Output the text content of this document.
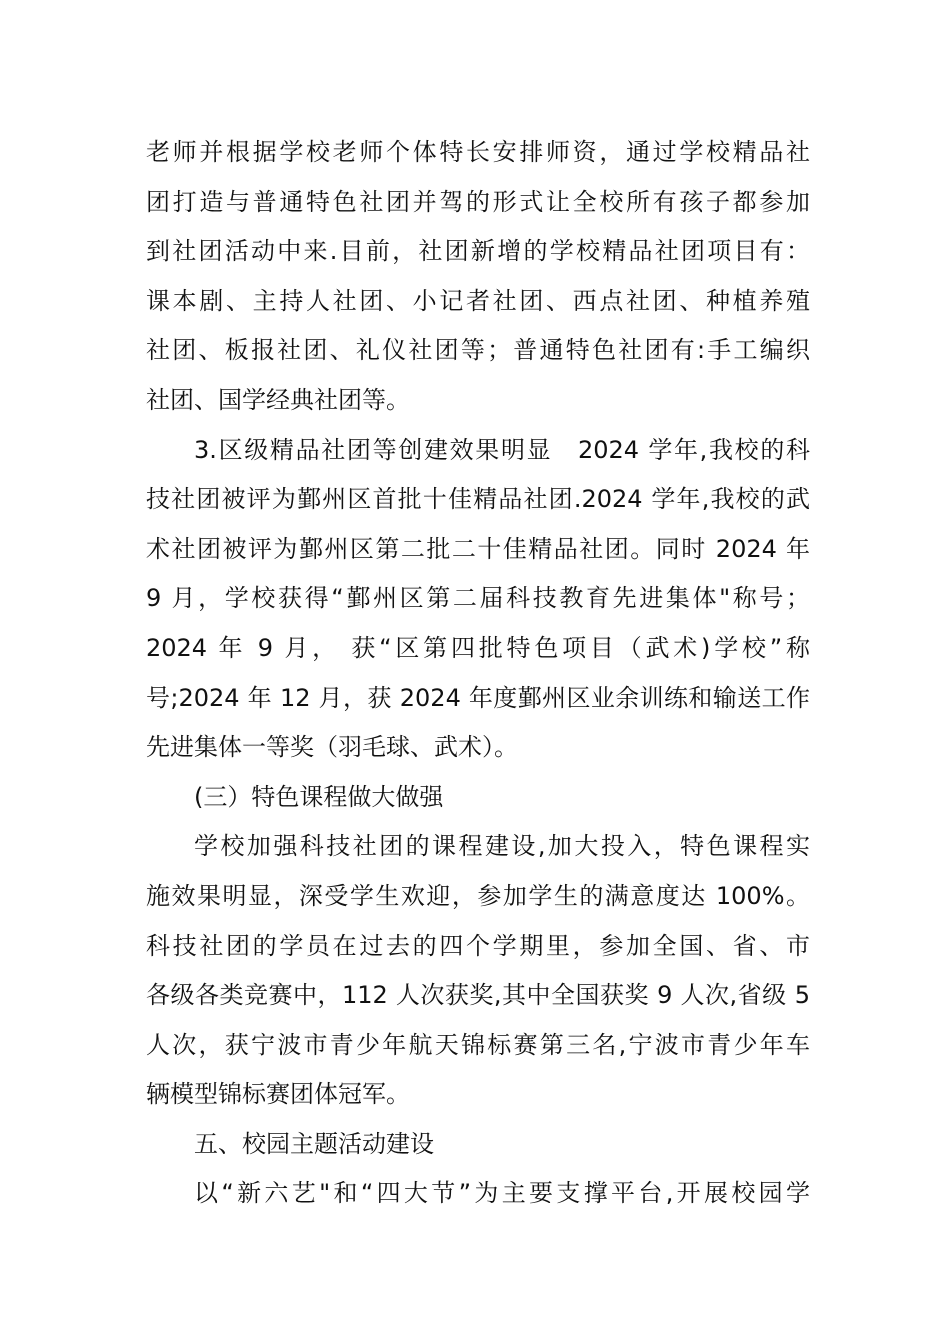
老师并根据学校老师个体特长安排师资，通过学校精品社
团打造与普通特色社团并驾的形式让全校所有孩子都参加
到社团活动中来.目前，社团新增的学校精品社团项目有：
课本剧、主持人社团、小记者社团、西点社团、种植养殖
社团、板报社团、礼仪社团等；普通特色社团有:手工编织
社团、国学经典社团等。
3.区级精品社团等创建效果明显　2024 学年,我校的科
技社团被评为鄞州区首批十佳精品社团.2024 学年,我校的武
术社团被评为鄞州区第二批二十佳精品社团。同时 2024 年
9 月，学校获得“鄞州区第二届科技教育先进集体"称号；
2024 年 9 月， 获“区第四批特色项目（武术)学校”称
号;2024 年 12 月，获 2024 年度鄞州区业余训练和输送工作
先进集体一等奖（羽毛球、武术）。
(三）特色课程做大做强
学校加强科技社团的课程建设,加大投入，特色课程实
施效果明显，深受学生欢迎，参加学生的满意度达 100%。
科技社团的学员在过去的四个学期里，参加全国、省、市
各级各类竞赛中，112 人次获奖,其中全国获奖 9 人次,省级 5
人次，获宁波市青少年航天锦标赛第三名,宁波市青少年车
辆模型锦标赛团体冠军。
五、校园主题活动建设
以“新六艺"和“四大节”为主要支撑平台,开展校园学
